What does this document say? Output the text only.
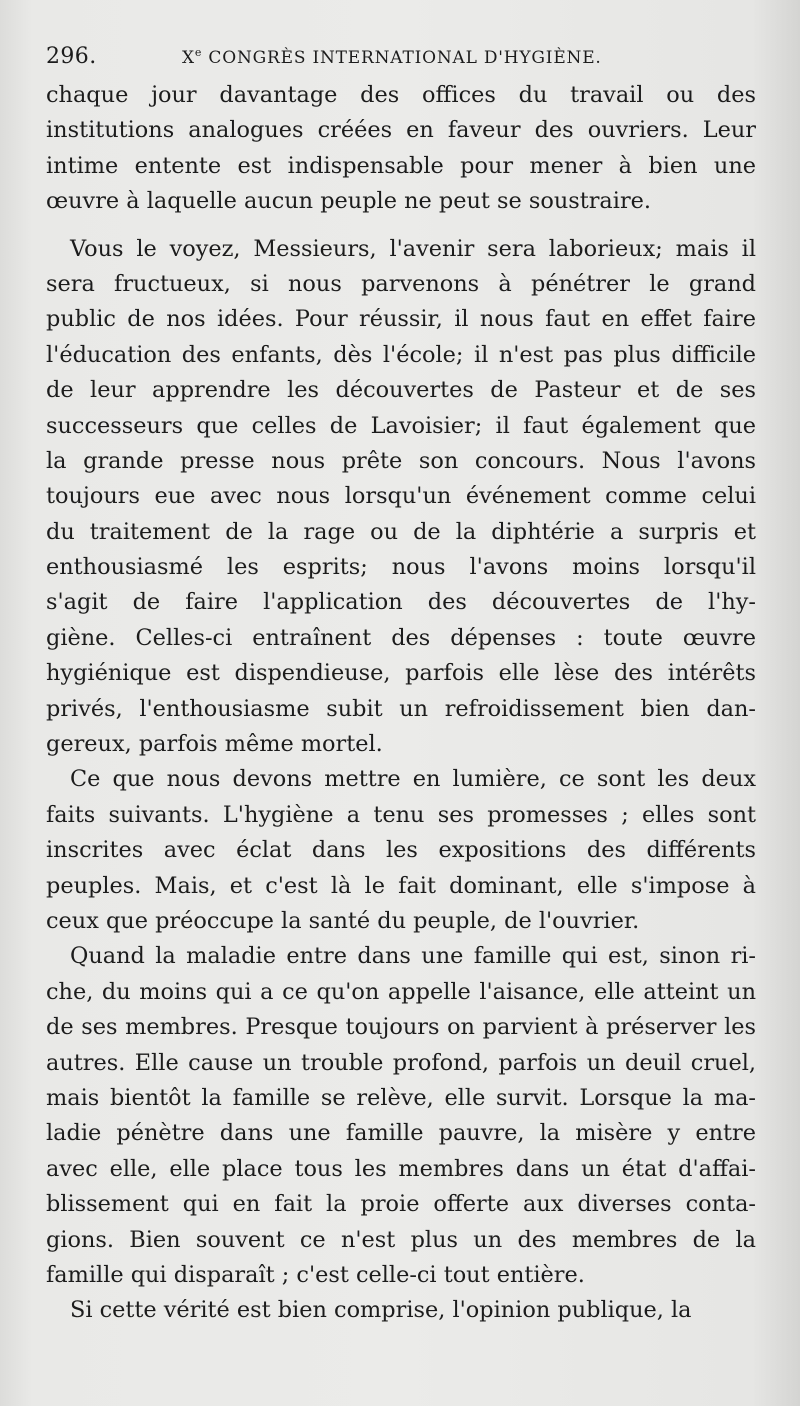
296.	Xe CONGRÈS INTERNATIONAL D'HYGIÈNE.
chaque jour davantage des offices du travail ou des
institutions analogues créées en faveur des ouvriers. Leur
intime entente est indispensable pour mener à bien une
œuvre à laquelle aucun peuple ne peut se soustraire.
Vous le voyez, Messieurs, l'avenir sera laborieux; mais il
sera fructueux, si nous parvenons à pénétrer le grand
public de nos idées. Pour réussir, il nous faut en effet faire
l'éducation des enfants, dès l'école; il n'est pas plus difficile
de leur apprendre les découvertes de Pasteur et de ses
successeurs que celles de Lavoisier; il faut également que
la grande presse nous prête son concours. Nous l'avons
toujours eue avec nous lorsqu'un événement comme celui
du traitement de la rage ou de la diphtérie a surpris et
enthousiasmé les esprits; nous l'avons moins lorsqu'il
s'agit de faire l'application des découvertes de l'hy-
giène. Celles-ci entraînent des dépenses : toute œuvre
hygiénique est dispendieuse, parfois elle lèse des intérêts
privés, l'enthousiasme subit un refroidissement bien dan-
gereux, parfois même mortel.
Ce que nous devons mettre en lumière, ce sont les deux
faits suivants. L'hygiène a tenu ses promesses ; elles sont
inscrites avec éclat dans les expositions des différents
peuples. Mais, et c'est là le fait dominant, elle s'impose à
ceux que préoccupe la santé du peuple, de l'ouvrier.
Quand la maladie entre dans une famille qui est, sinon ri-
che, du moins qui a ce qu'on appelle l'aisance, elle atteint un
de ses membres. Presque toujours on parvient à préserver les
autres. Elle cause un trouble profond, parfois un deuil cruel,
mais bientôt la famille se relève, elle survit. Lorsque la ma-
ladie pénètre dans une famille pauvre, la misère y entre
avec elle, elle place tous les membres dans un état d'affai-
blissement qui en fait la proie offerte aux diverses conta-
gions. Bien souvent ce n'est plus un des membres de la
famille qui disparaît ; c'est celle-ci tout entière.
Si cette vérité est bien comprise, l'opinion publique, la
